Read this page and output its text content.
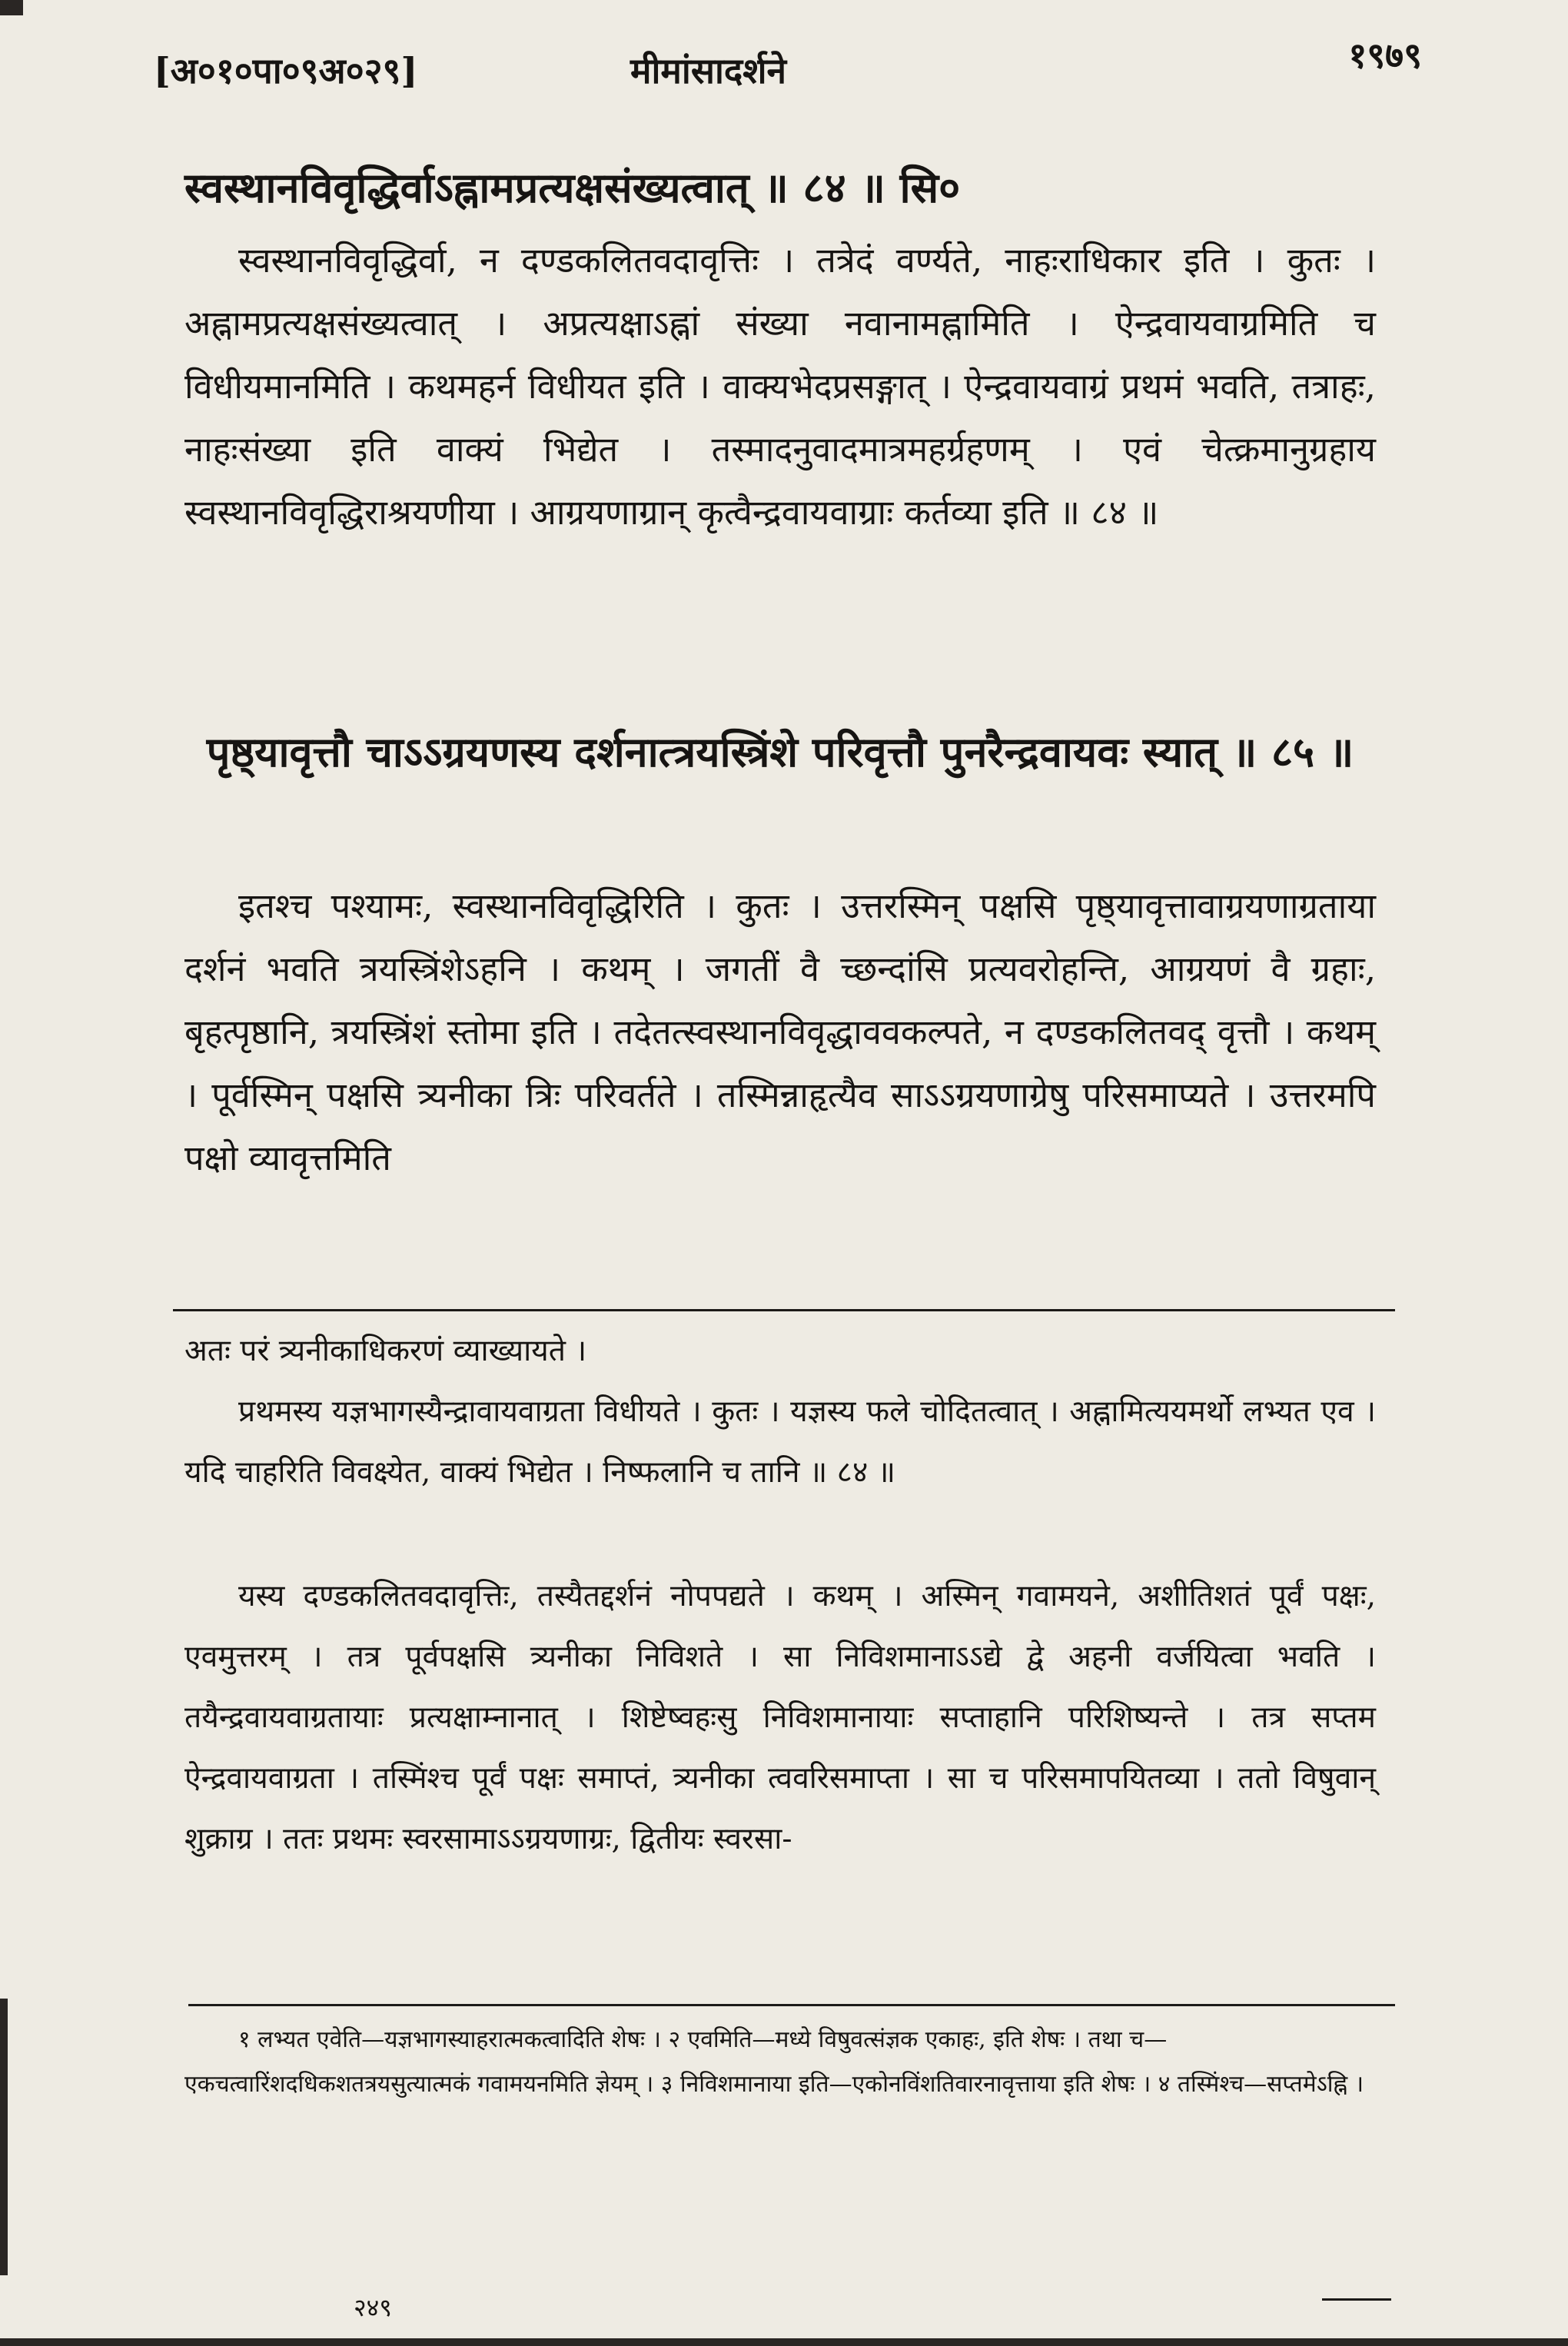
[अ०१०पा०९अ०२९]	मीमांसादर्शने	१९७९
स्वस्थानविवृद्धिर्वाऽह्नामप्रत्यक्षसंख्यत्वात् ॥ ८४ ॥ सि०
स्वस्थानविवृद्धिर्वा, न दण्डकलितवदावृत्तिः । तत्रेदं वर्ण्यते, नाहःराधिकार इति । कुतः । अह्नामप्रत्यक्षसंख्यत्वात् । अप्रत्यक्षाऽह्नां संख्या नवानामह्नामिति । ऐन्द्रवायवाग्रमिति च विधीयमानमिति । कथमहर्न विधीयत इति । वाक्यभेदप्रसङ्गात् । ऐन्द्रवायवाग्रं प्रथमं भवति, तत्राहः, नाहःसंख्या इति वाक्यं भिद्येत । तस्मादनुवादमात्रमहर्ग्रहणम् । एवं चेत्क्रमानुग्रहाय स्वस्थानविवृद्धिराश्रयणीया । आग्रयणाग्रान् कृत्वैन्द्रवायवाग्राः कर्तव्या इति ॥ ८४ ॥
पृष्ठ्यावृत्तौ चाऽऽग्रयणस्य दर्शनात्त्रयस्त्रिंशे परिवृत्तौ पुनरैन्द्रवायवः स्यात् ॥ ८५ ॥
इतश्च पश्यामः, स्वस्थानविवृद्धिरिति । कुतः । उत्तरस्मिन् पक्षसि पृष्ठ्यावृत्तावाग्रयणाग्रताया दर्शनं भवति त्रयस्त्रिंशेऽहनि । कथम् । जगतीं वै च्छन्दांसि प्रत्यवरोहन्ति, आग्रयणं वै ग्रहाः, बृहत्पृष्ठानि, त्रयस्त्रिंशं स्तोमा इति । तदेतत्स्वस्थानविवृद्धाववकल्पते, न दण्डकलितवद् वृत्तौ । कथम् । पूर्वस्मिन् पक्षसि त्र्यनीका त्रिः परिवर्तते । तस्मिन्नाहृत्यैव साऽऽग्रयणाग्रेषु परिसमाप्यते । उत्तरमपि पक्षो व्यावृत्तमिति
अतः परं त्र्यनीकाधिकरणं व्याख्यायते ।
प्रथमस्य यज्ञभागस्यैन्द्रावायवाग्रता विधीयते । कुतः । यज्ञस्य फले चोदितत्वात् । अह्नामित्ययमर्थो लभ्यत एव । यदि चाहरिति विवक्ष्येत, वाक्यं भिद्येत । निष्फलानि च तानि ॥ ८४ ॥
यस्य दण्डकलितवदावृत्तिः, तस्यैतद्दर्शनं नोपपद्यते । कथम् । अस्मिन् गवामयने, अशीतिशतं पूर्वं पक्षः, एवमुत्तरम् । तत्र पूर्वपक्षसि त्र्यनीका निविशते । सा निविशमानाऽऽद्ये द्वे अहनी वर्जयित्वा भवति । तयैन्द्रवायवाग्रतायाः प्रत्यक्षाम्नानात् । शिष्टेष्वहःसु निविशमानायाः सप्ताहानि परिशिष्यन्ते । तत्र सप्तम ऐन्द्रवायवाग्रता । तस्मिंश्च पूर्वं पक्षः समाप्तं, त्र्यनीका त्ववरिसमाप्ता । सा च परिसमापयितव्या । ततो विषुवान् शुक्राग्र । ततः प्रथमः स्वरसामाऽऽग्रयणाग्रः, द्वितीयः स्वरसा-
१ लभ्यत एवेति—यज्ञभागस्याहरात्मकत्वादिति शेषः । २ एवमिति—मध्ये विषुवत्संज्ञक एकाहः, इति शेषः । तथा च—एकचत्वारिंशदधिकशतत्रयसुत्यात्मकं गवामयनमिति ज्ञेयम् । ३ निविशमानाया इति—एकोनविंशतिवारनावृत्ताया इति शेषः । ४ तस्मिंश्च—सप्तमेऽह्नि ।
२४९
